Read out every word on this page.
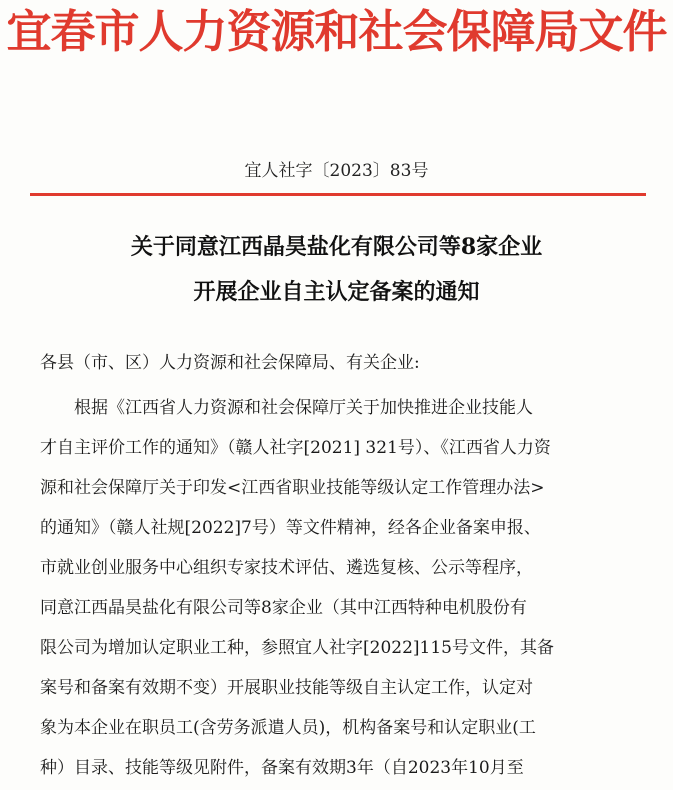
宜春市人力资源和社会保障局文件
宜人社字〔2023〕83号
关于同意江西晶昊盐化有限公司等8家企业
开展企业自主认定备案的通知
各县（市、区）人力资源和社会保障局、有关企业:
　　根据《江西省人力资源和社会保障厅关于加快推进企业技能人
才自主评价工作的通知》（赣人社字[2021] 321号）、《江西省人力资
源和社会保障厅关于印发<江西省职业技能等级认定工作管理办法>
的通知》（赣人社规[2022]7号）等文件精神，经各企业备案申报、
市就业创业服务中心组织专家技术评估、遴选复核、公示等程序，
同意江西晶昊盐化有限公司等8家企业（其中江西特种电机股份有
限公司为增加认定职业工种，参照宜人社字[2022]115号文件，其备
案号和备案有效期不变）开展职业技能等级自主认定工作，认定对
象为本企业在职员工(含劳务派遣人员)，机构备案号和认定职业(工
种）目录、技能等级见附件，备案有效期3年（自2023年10月至
